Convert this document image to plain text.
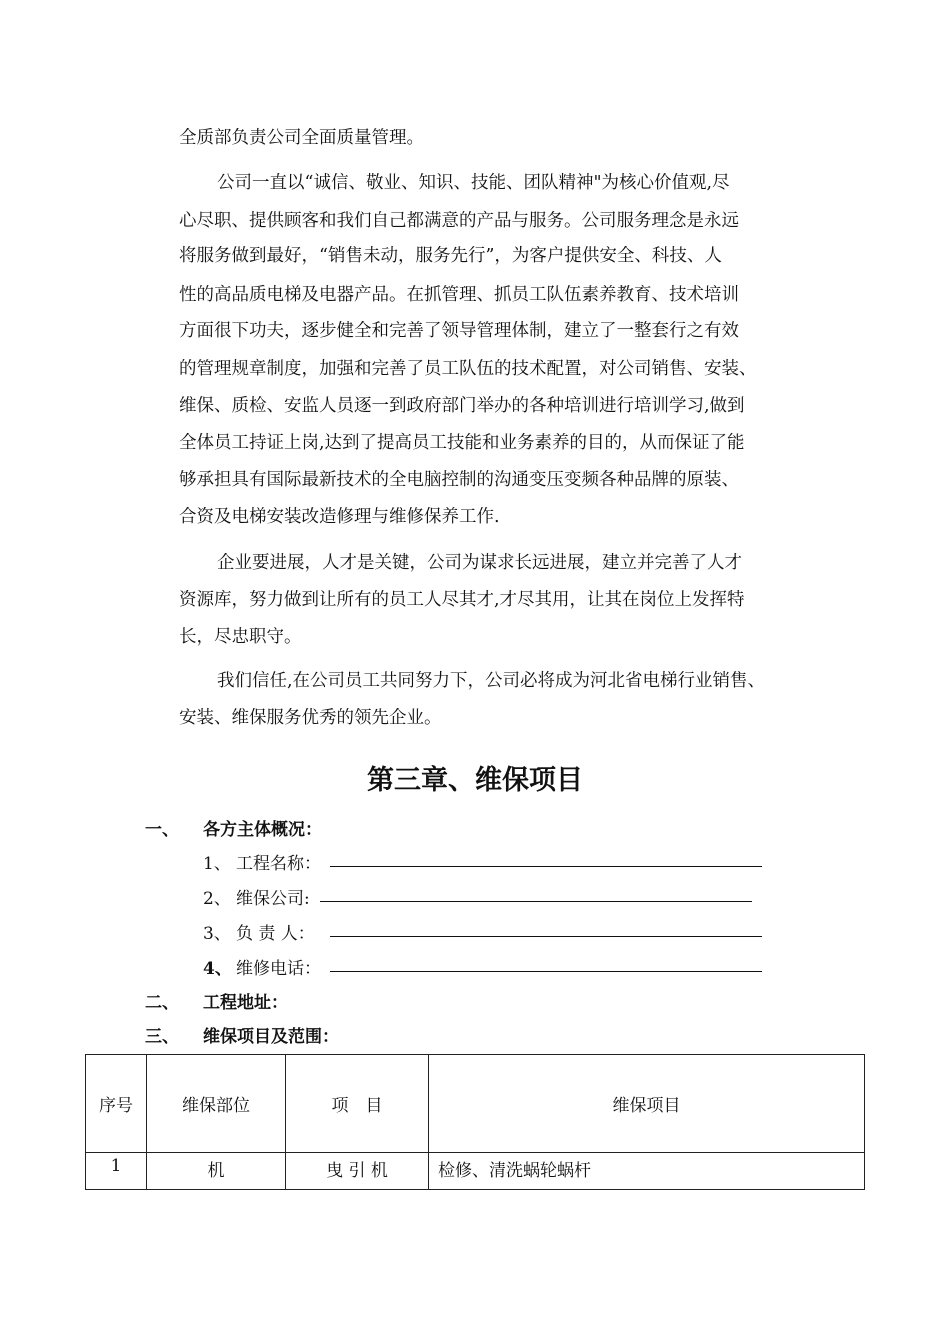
全质部负责公司全面质量管理。
公司一直以“诚信、敬业、知识、技能、团队精神"为核心价值观,尽
心尽职、提供顾客和我们自己都满意的产品与服务。公司服务理念是永远
将服务做到最好，“销售未动，服务先行”，为客户提供安全、科技、人
性的高品质电梯及电器产品。在抓管理、抓员工队伍素养教育、技术培训
方面很下功夫，逐步健全和完善了领导管理体制，建立了一整套行之有效
的管理规章制度，加强和完善了员工队伍的技术配置，对公司销售、安装、
维保、质检、安监人员逐一到政府部门举办的各种培训进行培训学习,做到
全体员工持证上岗,达到了提高员工技能和业务素养的目的，从而保证了能
够承担具有国际最新技术的全电脑控制的沟通变压变频各种品牌的原装、
合资及电梯安装改造修理与维修保养工作.
企业要进展，人才是关键，公司为谋求长远进展，建立并完善了人才
资源库，努力做到让所有的员工人尽其才,才尽其用，让其在岗位上发挥特
长，尽忠职守。
我们信任,在公司员工共同努力下，公司必将成为河北省电梯行业销售、
安装、维保服务优秀的领先企业。
第三章、维保项目
一、 各方主体概况：
1、 工程名称：
2、 维保公司:
3、 负 责 人：
4、 维修电话：
二、 工程地址：
三、 维保项目及范围：
序号	维保部位	项　目	维保项目
1	机	曳 引 机	检修、清洗蜗轮蜗杆
